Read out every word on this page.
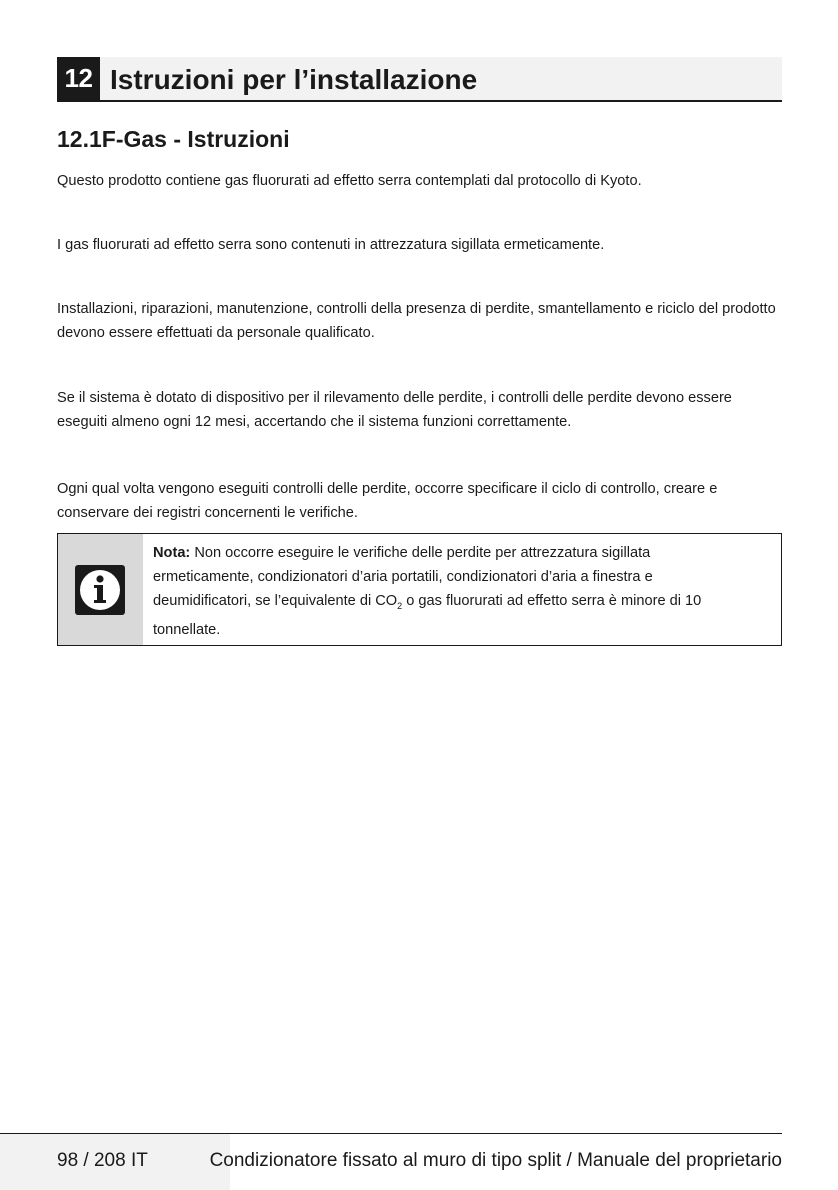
12 Istruzioni per l’installazione
12.1F-Gas - Istruzioni

Questo prodotto contiene gas fluorurati ad effetto serra contemplati dal protocollo di Kyoto.

I gas fluorurati ad effetto serra sono contenuti in attrezzatura sigillata ermeticamente.

Installazioni, riparazioni, manutenzione, controlli della presenza di perdite, smantellamento e riciclo del prodotto devono essere effettuati da personale qualificato.

Se il sistema è dotato di dispositivo per il rilevamento delle perdite, i controlli delle perdite devono essere eseguiti almeno ogni 12 mesi, accertando che il sistema funzioni correttamente.

Ogni qual volta vengono eseguiti controlli delle perdite, occorre specificare il ciclo di controllo, creare e conservare dei registri concernenti le verifiche.

Nota: Non occorre eseguire le verifiche delle perdite per attrezzatura sigillata ermeticamente, condizionatori d’aria portatili, condizionatori d’aria a finestra e deumidificatori, se l’equivalente di $CO_2$ o gas fluorurati ad effetto serra è minore di 10 tonnellate.

98 / 208 IT	Condizionatore fissato al muro di tipo split / Manuale del proprietario
